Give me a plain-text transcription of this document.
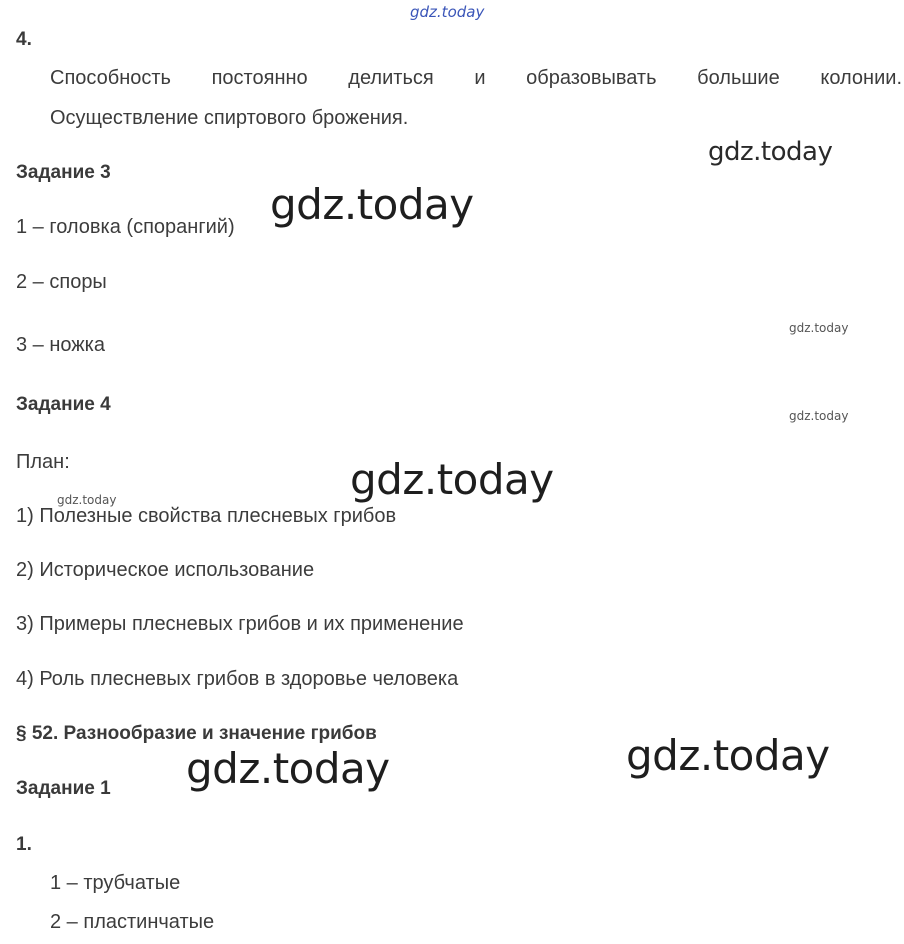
4.
Способность постоянно делиться и образовывать большие колонии.
Осуществление спиртового брожения.
Задание 3
1 – головка (спорангий)
2 – споры
3 – ножка
Задание 4
План:
1) Полезные свойства плесневых грибов
2) Историческое использование
3) Примеры плесневых грибов и их применение
4) Роль плесневых грибов в здоровье человека
§ 52. Разнообразие и значение грибов
Задание 1
1.
1 – трубчатые
2 – пластинчатые
gdz.today
gdz.today
gdz.today
gdz.today
gdz.today
gdz.today
gdz.today
gdz.today
gdz.today
